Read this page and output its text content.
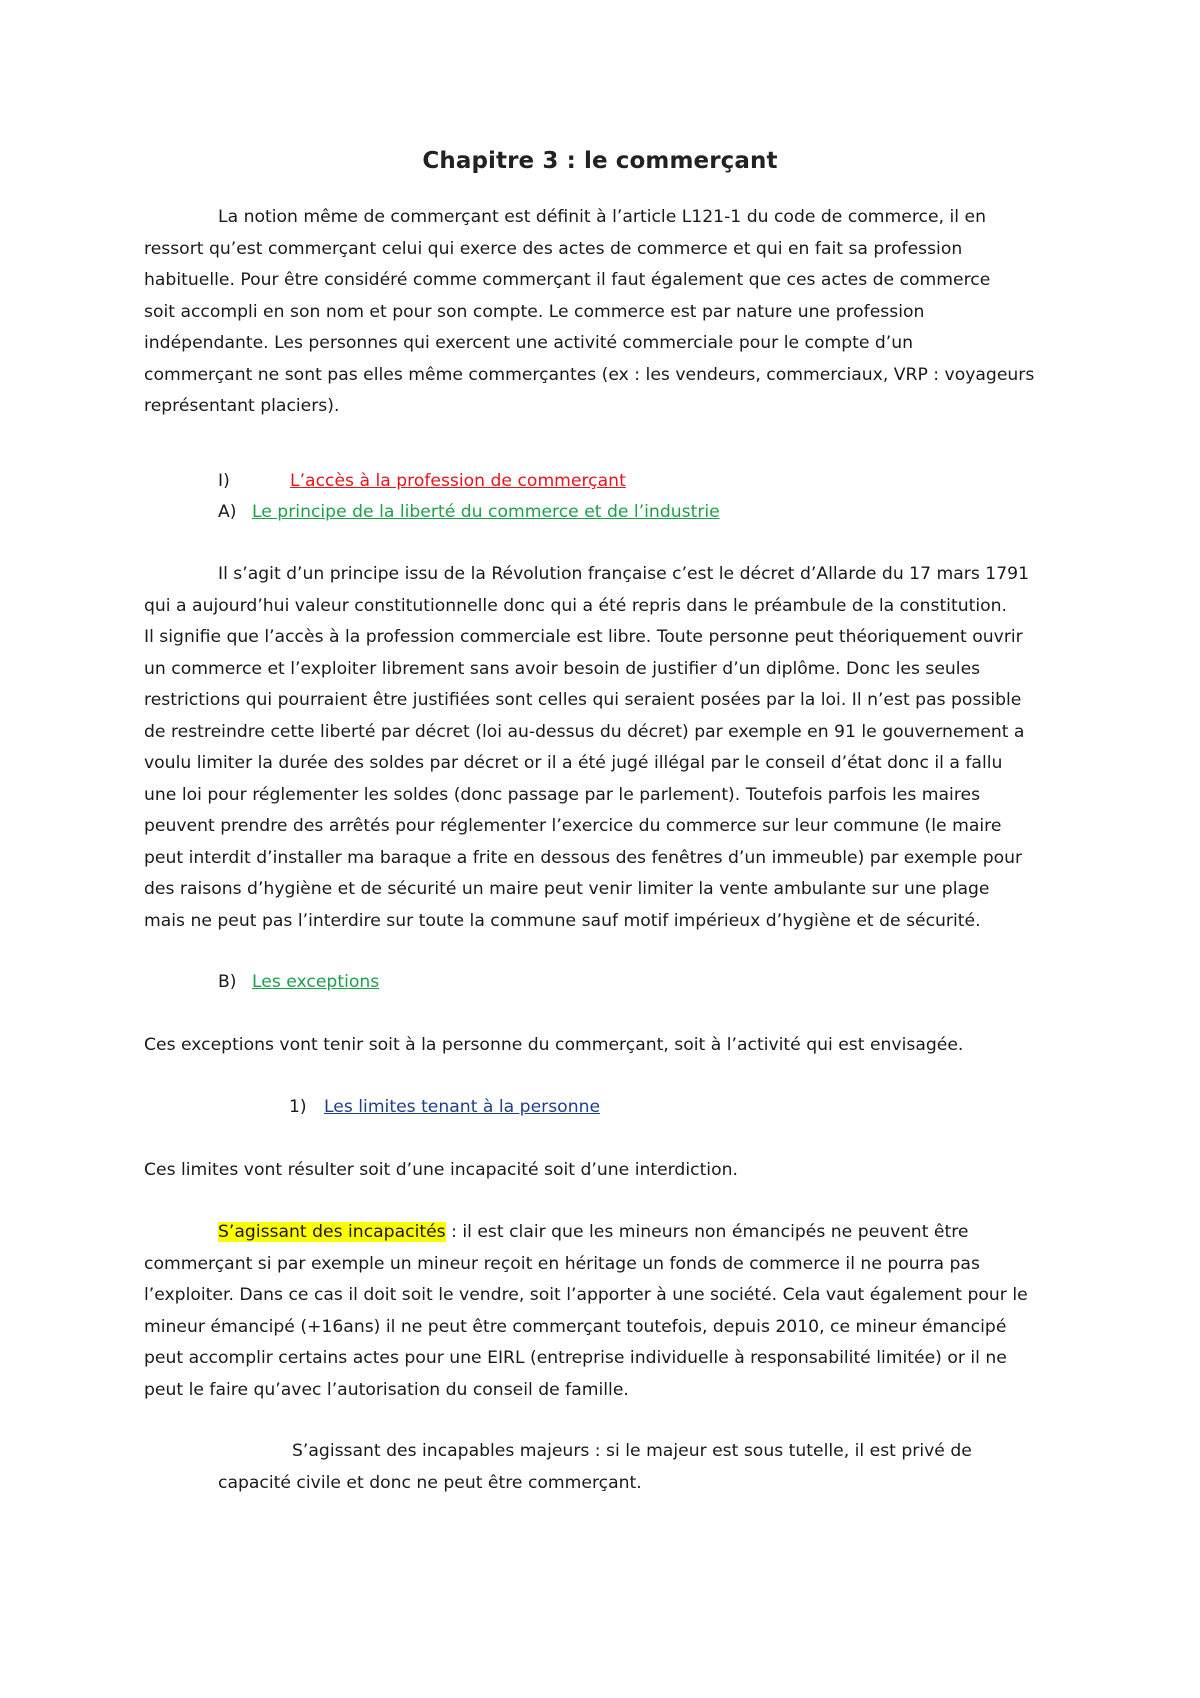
Chapitre 3 : le commerçant
La notion même de commerçant est définit à l’article L121-1 du code de commerce, il en
ressort qu’est commerçant celui qui exerce des actes de commerce et qui en fait sa profession
habituelle. Pour être considéré comme commerçant il faut également que ces actes de commerce
soit accompli en son nom et pour son compte. Le commerce est par nature une profession
indépendante. Les personnes qui exercent une activité commerciale pour le compte d’un
commerçant ne sont pas elles même commerçantes (ex : les vendeurs, commerciaux, VRP : voyageurs
représentant placiers).
I)	L’accès à la profession de commerçant
A) Le principe de la liberté du commerce et de l’industrie
Il s’agit d’un principe issu de la Révolution française c’est le décret d’Allarde du 17 mars 1791
qui a aujourd’hui valeur constitutionnelle donc qui a été repris dans le préambule de la constitution.
Il signifie que l’accès à la profession commerciale est libre. Toute personne peut théoriquement ouvrir
un commerce et l’exploiter librement sans avoir besoin de justifier d’un diplôme. Donc les seules
restrictions qui pourraient être justifiées sont celles qui seraient posées par la loi. Il n’est pas possible
de restreindre cette liberté par décret (loi au-dessus du décret) par exemple en 91 le gouvernement a
voulu limiter la durée des soldes par décret or il a été jugé illégal par le conseil d’état donc il a fallu
une loi pour réglementer les soldes (donc passage par le parlement). Toutefois parfois les maires
peuvent prendre des arrêtés pour réglementer l’exercice du commerce sur leur commune (le maire
peut interdit d’installer ma baraque a frite en dessous des fenêtres d’un immeuble) par exemple pour
des raisons d’hygiène et de sécurité un maire peut venir limiter la vente ambulante sur une plage
mais ne peut pas l’interdire sur toute la commune sauf motif impérieux d’hygiène et de sécurité.
B) Les exceptions
Ces exceptions vont tenir soit à la personne du commerçant, soit à l’activité qui est envisagée.
1) Les limites tenant à la personne
Ces limites vont résulter soit d’une incapacité soit d’une interdiction.
S’agissant des incapacités : il est clair que les mineurs non émancipés ne peuvent être
commerçant si par exemple un mineur reçoit en héritage un fonds de commerce il ne pourra pas
l’exploiter. Dans ce cas il doit soit le vendre, soit l’apporter à une société. Cela vaut également pour le
mineur émancipé (+16ans) il ne peut être commerçant toutefois, depuis 2010, ce mineur émancipé
peut accomplir certains actes pour une EIRL (entreprise individuelle à responsabilité limitée) or il ne
peut le faire qu’avec l’autorisation du conseil de famille.
S’agissant des incapables majeurs : si le majeur est sous tutelle, il est privé de
capacité civile et donc ne peut être commerçant.
